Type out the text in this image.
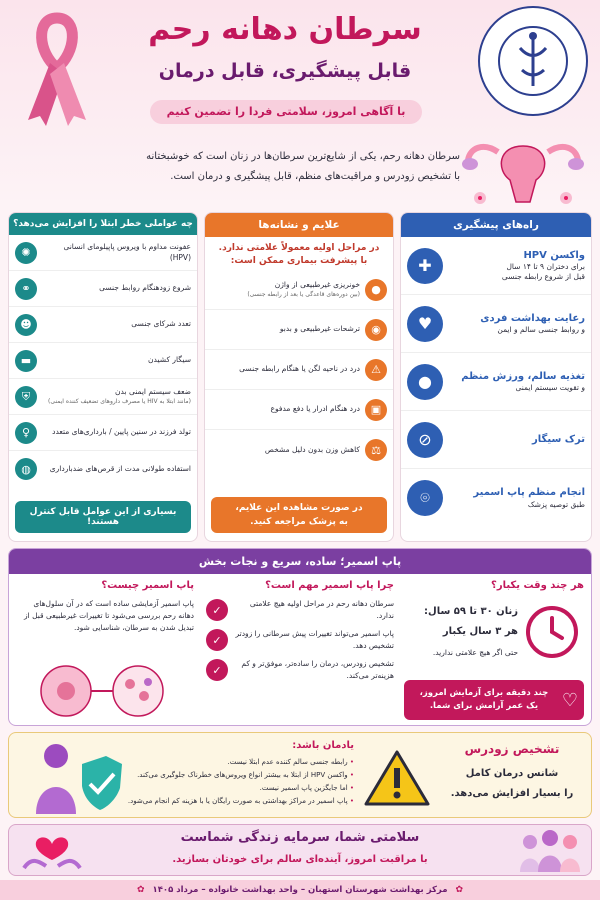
سرطان دهانه رحم
قابل پیشگیری، قابل درمان
با آگاهی امروز، سلامتی فردا را تضمین کنیم
سرطان دهانه رحم، یکی از شایع‌ترین سرطان‌ها در زنان است که خوشبختانه
با تشخیص زودرس و مراقبت‌های منظم، قابل پیشگیری و درمان است.
چه عواملی خطر ابتلا را افزایش می‌دهد؟
عفونت مداوم با ویروس پاپیلومای انسانی (HPV)
✺
شروع زودهنگام روابط جنسی
⚭
تعدد شرکای جنسی
☻
سیگار کشیدن
▬
ضعف سیستم ایمنی بدن
(مانند ابتلا به HIV یا مصرف داروهای تضعیف کننده ایمنی)
⛨
تولد فرزند در سنین پایین / بارداری‌های متعدد
♀
استفاده طولانی مدت از قرص‌های ضدبارداری
◍
بسیاری از این عوامل قابل کنترل هستند!
علایم و نشانه‌ها
در مراحل اولیه معمولاً علامتی ندارد.
با پیشرفت بیماری ممکن است:
●
خونریزی غیرطبیعی از واژن
(بین دوره‌های قاعدگی یا بعد از رابطه جنسی)
◉
ترشحات غیرطبیعی و بدبو
⚠
درد در ناحیه لگن یا هنگام رابطه جنسی
▣
درد هنگام ادرار یا دفع مدفوع
⚖
کاهش وزن بدون دلیل مشخص
در صورت مشاهده این علایم،
به پزشک مراجعه کنید.
راه‌های پیشگیری
واکسن HPV
برای دختران ۹ تا ۱۴ سال
قبل از شروع رابطه جنسی
✚
رعایت بهداشت فردی
و روابط جنسی سالم و ایمن
♥
تغذیه سالم، ورزش منظم
و تقویت سیستم ایمنی
●
ترک سیگار
⊘
انجام منظم پاپ اسمیر
طبق توصیه پزشک
⌾
پاپ اسمیر؛ ساده، سریع و نجات بخش
پاپ اسمیر چیست؟
پاپ اسمیر آزمایشی ساده است که در آن سلول‌های دهانه رحم بررسی می‌شود تا تغییرات غیرطبیعی قبل از تبدیل شدن به سرطان، شناسایی شود.
چرا پاپ اسمیر مهم است؟
سرطان دهانه رحم در مراحل اولیه هیچ علامتی ندارد.
✓
پاپ اسمیر می‌تواند تغییرات پیش سرطانی را زودتر تشخیص دهد.
✓
تشخیص زودرس، درمان را ساده‌تر، موفق‌تر و کم هزینه‌تر می‌کند.
✓
هر چند وقت یکبار؟
زنان ۳۰ تا ۵۹ سال:
هر ۳ سال یکبار
حتی اگر هیچ علامتی ندارید.
♡
چند دقیقه برای آزمایش امروز،
یک عمر آرامش برای شما.
یادمان باشد:
• رابطه جنسی سالم کننده عدم ابتلا نیست.
• واکسن HPV از ابتلا به بیشتر انواع ویروس‌های خطرناک جلوگیری می‌کند.
• اما جایگزین پاپ اسمیر نیست.
• پاپ اسمیر در مراکز بهداشتی به صورت رایگان یا با هزینه کم انجام می‌شود.
تشخیص زودرس
شانس درمان کامل
را بسیار افزایش می‌دهد.
سلامتی شما، سرمایه زندگی شماست
با مراقبت امروز، آینده‌ای سالم برای خودتان بسازید.
✿
مرکز بهداشت شهرستان استهبان – واحد بهداشت خانواده – مرداد ۱۴۰۵
✿
